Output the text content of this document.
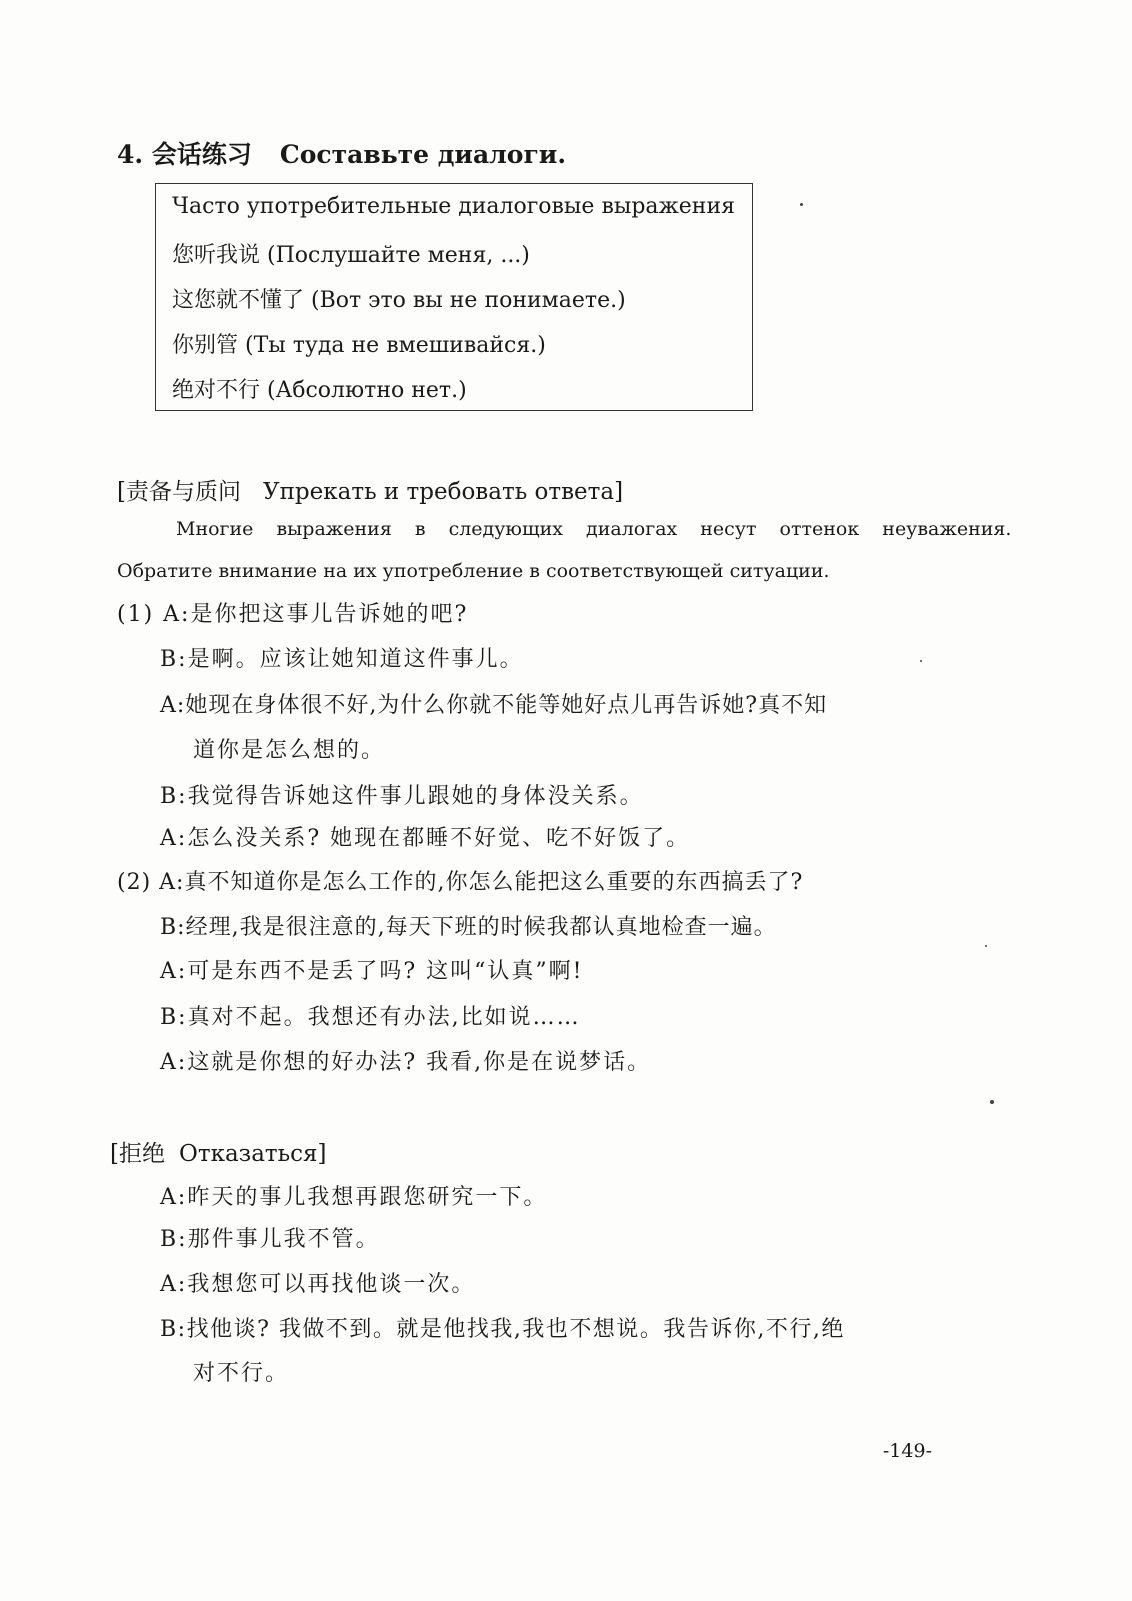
4. 会话练习 Составьте диалоги.
Часто употребительные диалоговые выражения
您听我说 (Послушайте меня, ...)
这您就不懂了 (Вот это вы не понимаете.)
你别管 (Ты туда не вмешивайся.)
绝对不行 (Абсолютно нет.)
[责备与质问 Упрекать и требовать ответа]
Многие выражения в следующих диалогах несут оттенок неуважения.
Обратите внимание на их употребление в соответствующей ситуации.
(1) A:是你把这事儿告诉她的吧?
B:是啊。应该让她知道这件事儿。
A:她现在身体很不好,为什么你就不能等她好点儿再告诉她?真不知
道你是怎么想的。
B:我觉得告诉她这件事儿跟她的身体没关系。
A:怎么没关系? 她现在都睡不好觉、吃不好饭了。
(2) A:真不知道你是怎么工作的,你怎么能把这么重要的东西搞丢了?
B:经理,我是很注意的,每天下班的时候我都认真地检查一遍。
A:可是东西不是丢了吗? 这叫“认真”啊!
B:真对不起。我想还有办法,比如说……
A:这就是你想的好办法? 我看,你是在说梦话。
[拒绝 Отказаться]
A:昨天的事儿我想再跟您研究一下。
B:那件事儿我不管。
A:我想您可以再找他谈一次。
B:找他谈? 我做不到。就是他找我,我也不想说。我告诉你,不行,绝
对不行。
-149-
